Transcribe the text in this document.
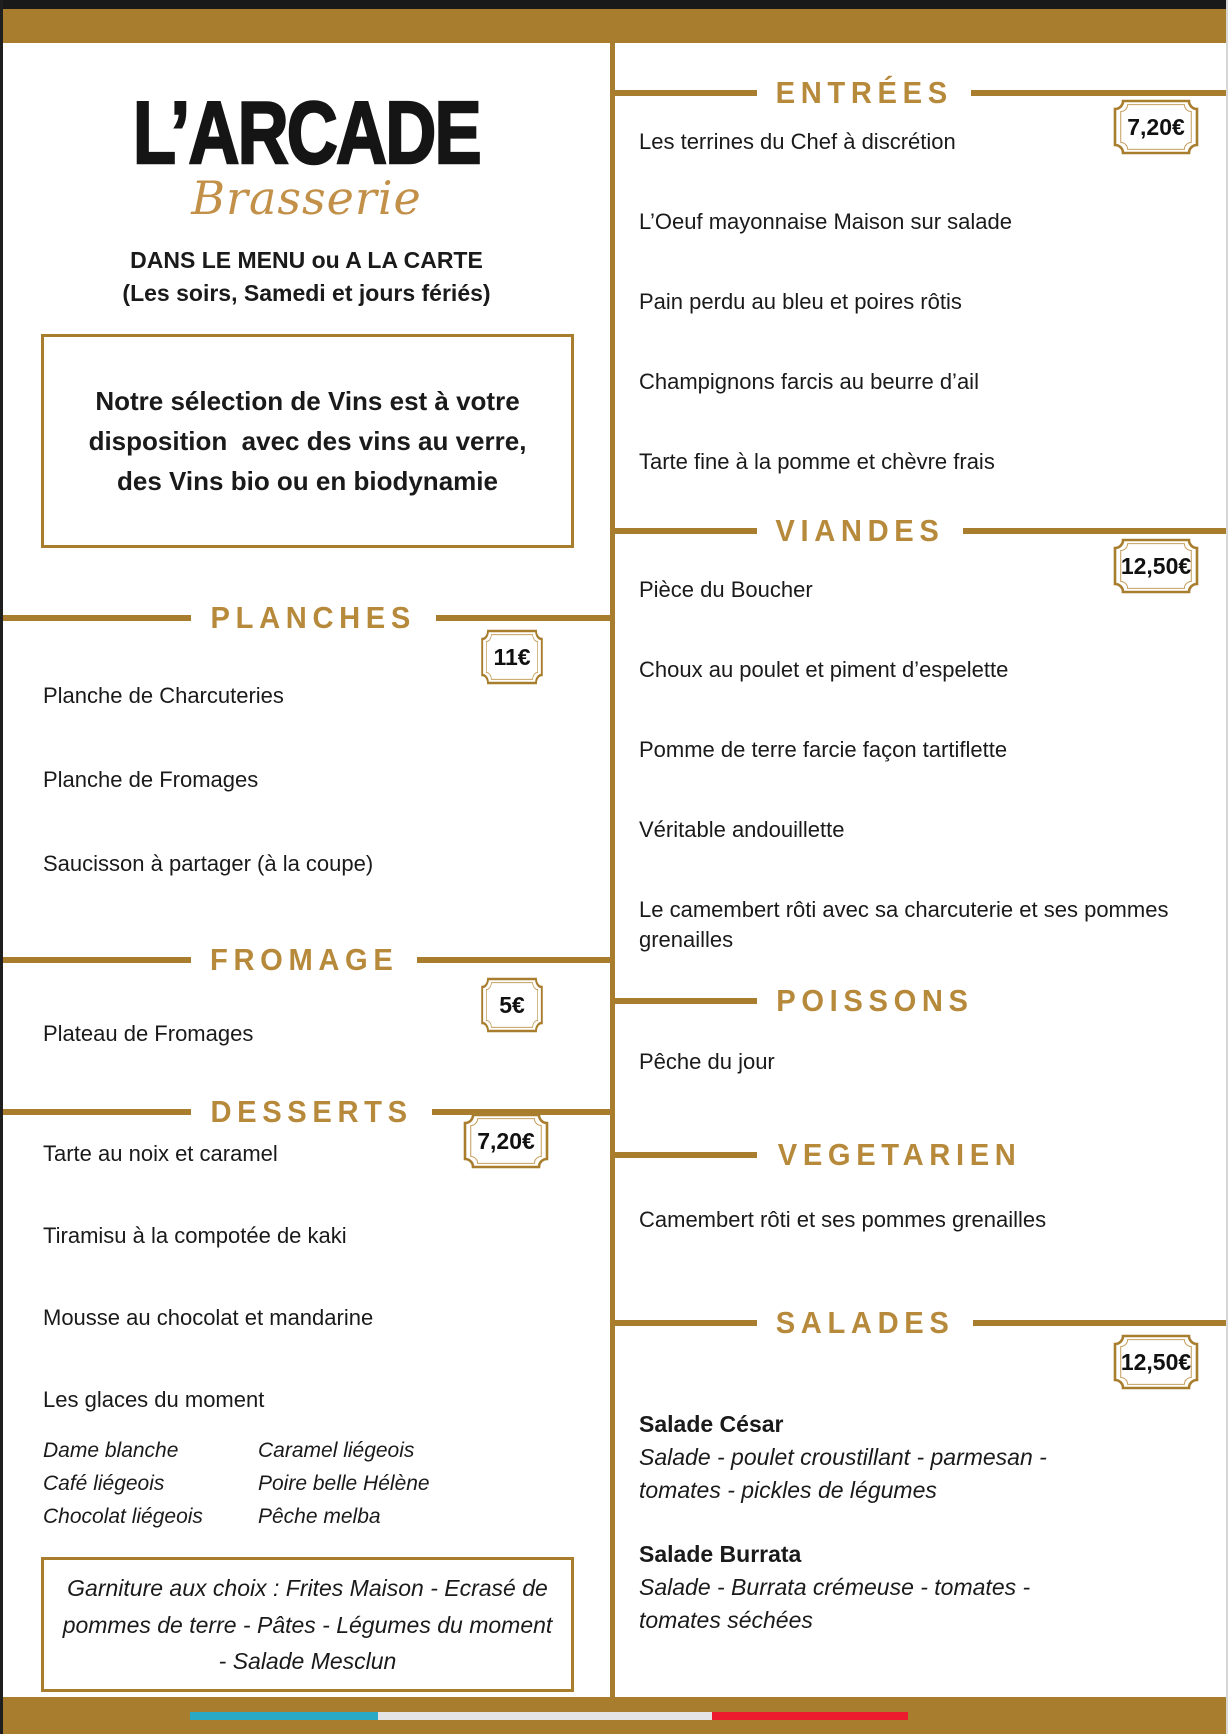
L’ARCADE
Brasserie
DANS LE MENU ou A LA CARTE
(Les soirs, Samedi et jours fériés)

Notre sélection de Vins est à votre disposition  avec des vins au verre, des Vins bio ou en biodynamie

PLANCHES
11€
Planche de Charcuteries
Planche de Fromages
Saucisson à partager (à la coupe)
FROMAGE
5€
Plateau de Fromages
DESSERTS
7,20€
Tarte au noix et caramel
Tiramisu à la compotée de kaki
Mousse au chocolat et mandarine
Les glaces du moment
Dame blanche
Café liégeois
Chocolat liégeois
Caramel liégeois
Poire belle Hélène
Pêche melba

Garniture aux choix : Frites Maison - Ecrasé de pommes de terre - Pâtes - Légumes du moment - Salade Mesclun

ENTRÉES
7,20€
Les terrines du Chef à discrétion
L’Oeuf mayonnaise Maison sur salade
Pain perdu au bleu et poires rôtis
Champignons farcis au beurre d’ail
Tarte fine à la pomme et chèvre frais
VIANDES
12,50€
Pièce du Boucher
Choux au poulet et piment d’espelette
Pomme de terre farcie façon tartiflette
Véritable andouillette
Le camembert rôti avec sa charcuterie et ses pommes grenailles
POISSONS
Pêche du jour
VEGETARIEN
Camembert rôti et ses pommes grenailles
SALADES
12,50€
Salade César

Salade - poulet croustillant - parmesan - tomates - pickles de légumes

Salade Burrata

Salade - Burrata crémeuse - tomates - tomates séchées
